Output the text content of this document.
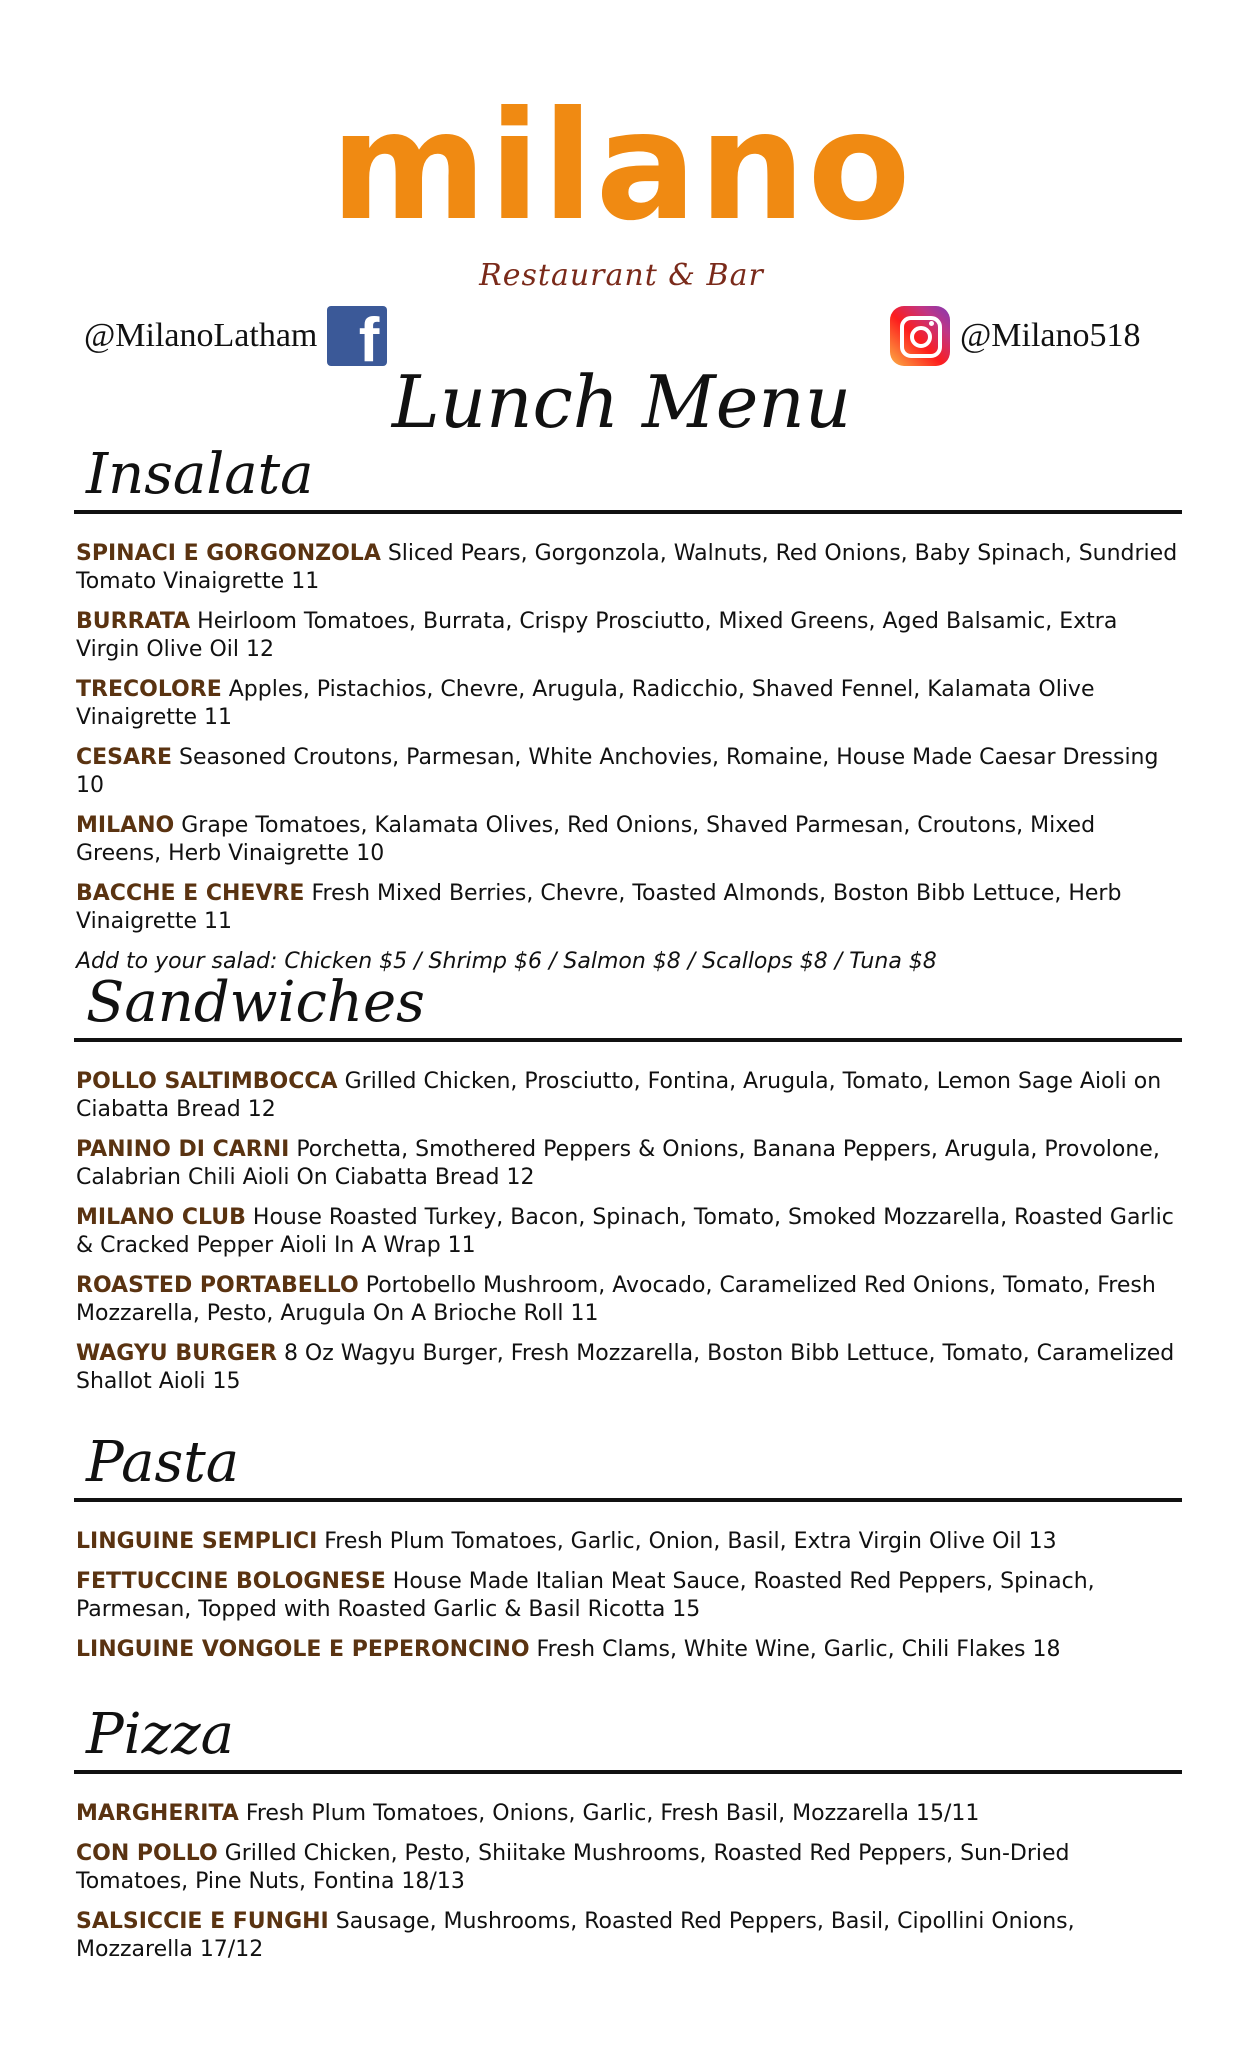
milano
Restaurant & Bar
@MilanoLatham f	@Milano518
Lunch Menu
Insalata
SPINACI E GORGONZOLA Sliced Pears, Gorgonzola, Walnuts, Red Onions, Baby Spinach, Sundried Tomato Vinaigrette 11
BURRATA Heirloom Tomatoes, Burrata, Crispy Prosciutto, Mixed Greens, Aged Balsamic, Extra Virgin Olive Oil 12
TRECOLORE Apples, Pistachios, Chevre, Arugula, Radicchio, Shaved Fennel, Kalamata Olive Vinaigrette 11
CESARE Seasoned Croutons, Parmesan, White Anchovies, Romaine, House Made Caesar Dressing 10
MILANO Grape Tomatoes, Kalamata Olives, Red Onions, Shaved Parmesan, Croutons, Mixed Greens, Herb Vinaigrette 10
BACCHE E CHEVRE Fresh Mixed Berries, Chevre, Toasted Almonds, Boston Bibb Lettuce, Herb Vinaigrette 11
Add to your salad: Chicken $5 / Shrimp $6 / Salmon $8 / Scallops $8 / Tuna $8
Sandwiches
POLLO SALTIMBOCCA Grilled Chicken, Prosciutto, Fontina, Arugula, Tomato, Lemon Sage Aioli on Ciabatta Bread 12
PANINO DI CARNI Porchetta, Smothered Peppers & Onions, Banana Peppers, Arugula, Provolone, Calabrian Chili Aioli On Ciabatta Bread 12
MILANO CLUB House Roasted Turkey, Bacon, Spinach, Tomato, Smoked Mozzarella, Roasted Garlic & Cracked Pepper Aioli In A Wrap 11
ROASTED PORTABELLO Portobello Mushroom, Avocado, Caramelized Red Onions, Tomato, Fresh Mozzarella, Pesto, Arugula On A Brioche Roll 11
WAGYU BURGER 8 Oz Wagyu Burger, Fresh Mozzarella, Boston Bibb Lettuce, Tomato, Caramelized Shallot Aioli 15
Pasta
LINGUINE SEMPLICI Fresh Plum Tomatoes, Garlic, Onion, Basil, Extra Virgin Olive Oil 13
FETTUCCINE BOLOGNESE House Made Italian Meat Sauce, Roasted Red Peppers, Spinach, Parmesan, Topped with Roasted Garlic & Basil Ricotta 15
LINGUINE VONGOLE E PEPERONCINO Fresh Clams, White Wine, Garlic, Chili Flakes 18
Pizza
MARGHERITA Fresh Plum Tomatoes, Onions, Garlic, Fresh Basil, Mozzarella 15/11
CON POLLO Grilled Chicken, Pesto, Shiitake Mushrooms, Roasted Red Peppers, Sun-Dried Tomatoes, Pine Nuts, Fontina 18/13
SALSICCIE E FUNGHI Sausage, Mushrooms, Roasted Red Peppers, Basil, Cipollini Onions, Mozzarella 17/12
